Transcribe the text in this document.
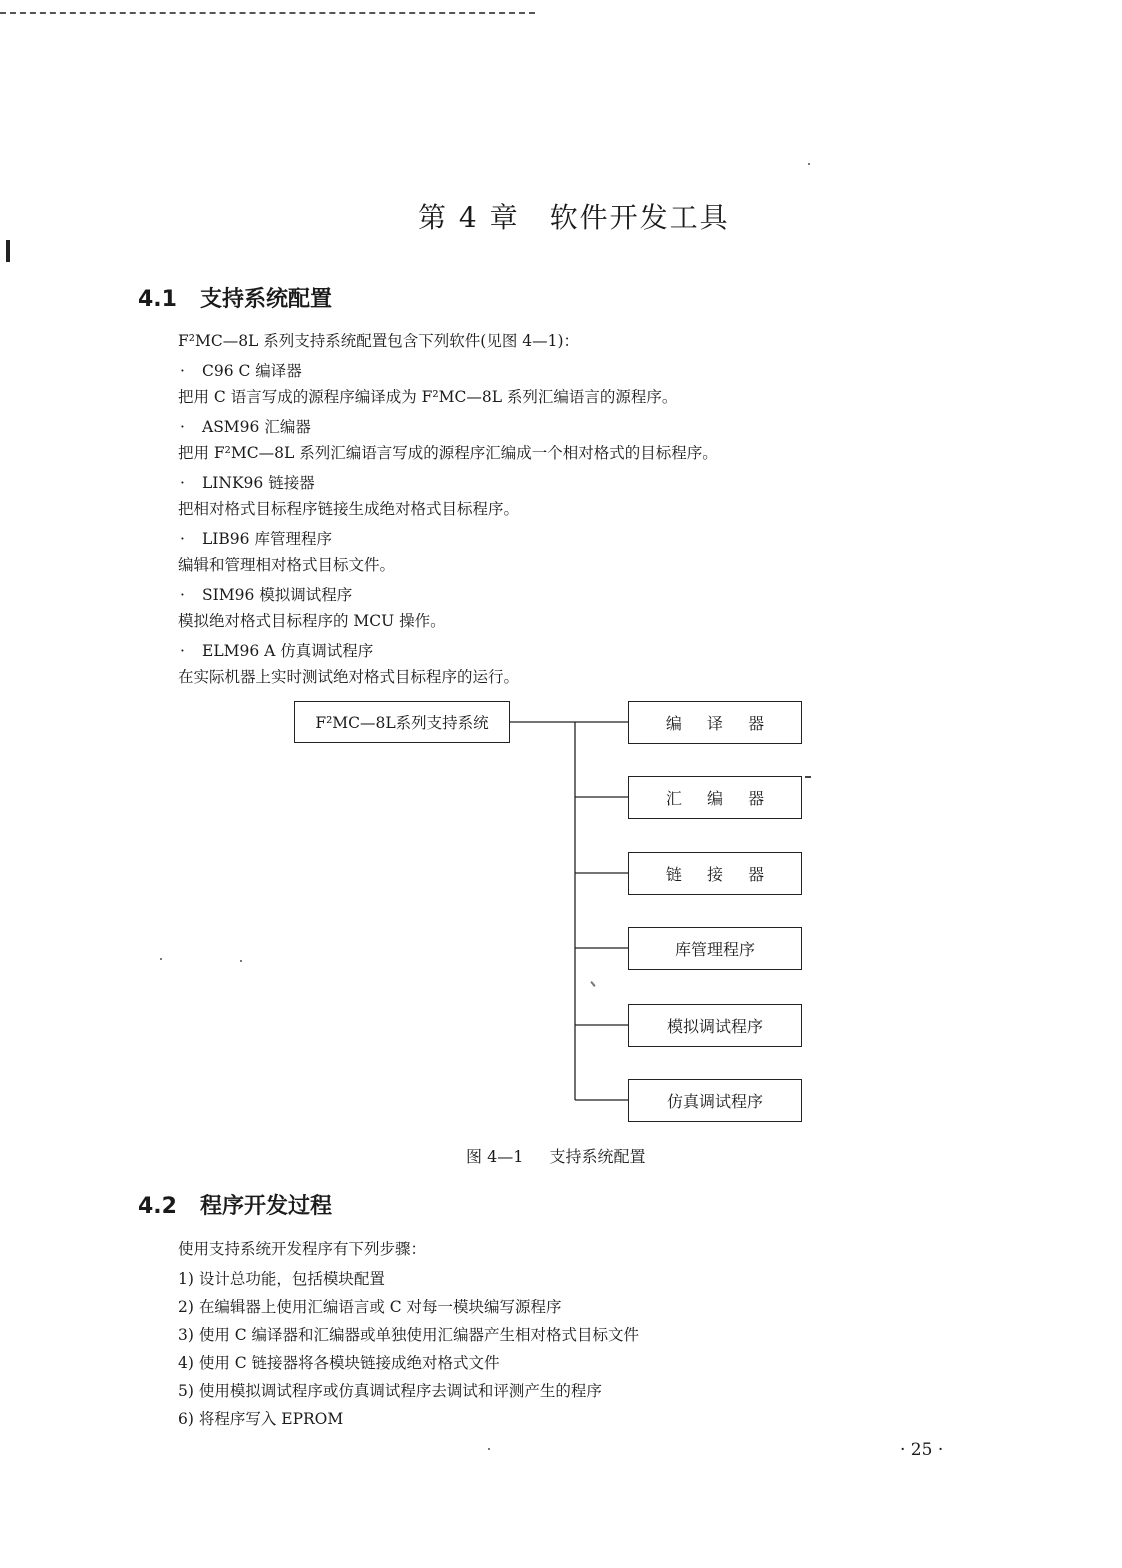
第 4 章 软件开发工具
4.1 支持系统配置
F²MC—8L 系列支持系统配置包含下列软件(见图 4—1)：
· C96 C 编译器
把用 C 语言写成的源程序编译成为 F²MC—8L 系列汇编语言的源程序。
· ASM96 汇编器
把用 F²MC—8L 系列汇编语言写成的源程序汇编成一个相对格式的目标程序。
· LINK96 链接器
把相对格式目标程序链接生成绝对格式目标程序。
· LIB96 库管理程序
编辑和管理相对格式目标文件。
· SIM96 模拟调试程序
模拟绝对格式目标程序的 MCU 操作。
· ELM96 A 仿真调试程序
在实际机器上实时测试绝对格式目标程序的运行。
F²MC—8L系列支持系统	编 译 器
汇 编 器
链 接 器
库管理程序
模拟调试程序
仿真调试程序
图 4—1 支持系统配置
4.2 程序开发过程
使用支持系统开发程序有下列步骤：
1) 设计总功能，包括模块配置
2) 在编辑器上使用汇编语言或 C 对每一模块编写源程序
3) 使用 C 编译器和汇编器或单独使用汇编器产生相对格式目标文件
4) 使用 C 链接器将各模块链接成绝对格式文件
5) 使用模拟调试程序或仿真调试程序去调试和评测产生的程序
6) 将程序写入 EPROM
· 25 ·
